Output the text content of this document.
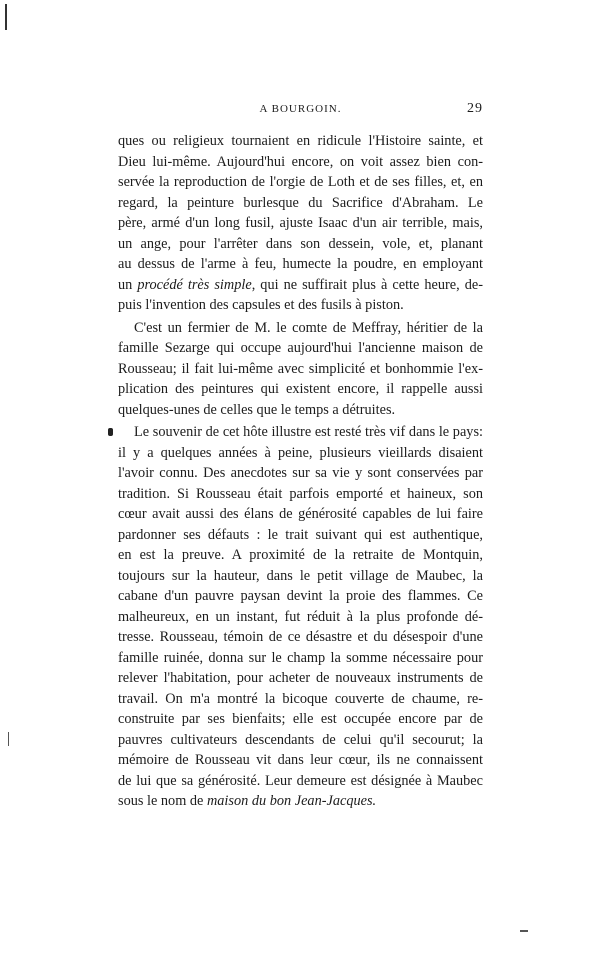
A BOURGOIN.	29

ques ou religieux tournaient en ridicule l'Histoire sainte, et
Dieu lui-même. Aujourd'hui encore, on voit assez bien con-
servée la reproduction de l'orgie de Loth et de ses filles, et, en
regard, la peinture burlesque du Sacrifice d'Abraham. Le
père, armé d'un long fusil, ajuste Isaac d'un air terrible, mais,
un ange, pour l'arrêter dans son dessein, vole, et, planant
au dessus de l'arme à feu, humecte la poudre, en employant
un procédé très simple, qui ne suffirait plus à cette heure, de-
puis l'invention des capsules et des fusils à piston.

C'est un fermier de M. le comte de Meffray, héritier de la
famille Sezarge qui occupe aujourd'hui l'ancienne maison de
Rousseau; il fait lui-même avec simplicité et bonhommie l'ex-
plication des peintures qui existent encore, il rappelle aussi
quelques-unes de celles que le temps a détruites.

Le souvenir de cet hôte illustre est resté très vif dans le pays:
il y a quelques années à peine, plusieurs vieillards disaient
l'avoir connu. Des anecdotes sur sa vie y sont conservées par
tradition. Si Rousseau était parfois emporté et haineux, son
cœur avait aussi des élans de générosité capables de lui faire
pardonner ses défauts : le trait suivant qui est authentique,
en est la preuve. A proximité de la retraite de Montquin,
toujours sur la hauteur, dans le petit village de Maubec, la
cabane d'un pauvre paysan devint la proie des flammes. Ce
malheureux, en un instant, fut réduit à la plus profonde dé-
tresse. Rousseau, témoin de ce désastre et du désespoir d'une
famille ruinée, donna sur le champ la somme nécessaire pour
relever l'habitation, pour acheter de nouveaux instruments de
travail. On m'a montré la bicoque couverte de chaume, re-
construite par ses bienfaits; elle est occupée encore par de
pauvres cultivateurs descendants de celui qu'il secourut; la
mémoire de Rousseau vit dans leur cœur, ils ne connaissent
de lui que sa générosité. Leur demeure est désignée à Maubec
sous le nom de maison du bon Jean-Jacques.
